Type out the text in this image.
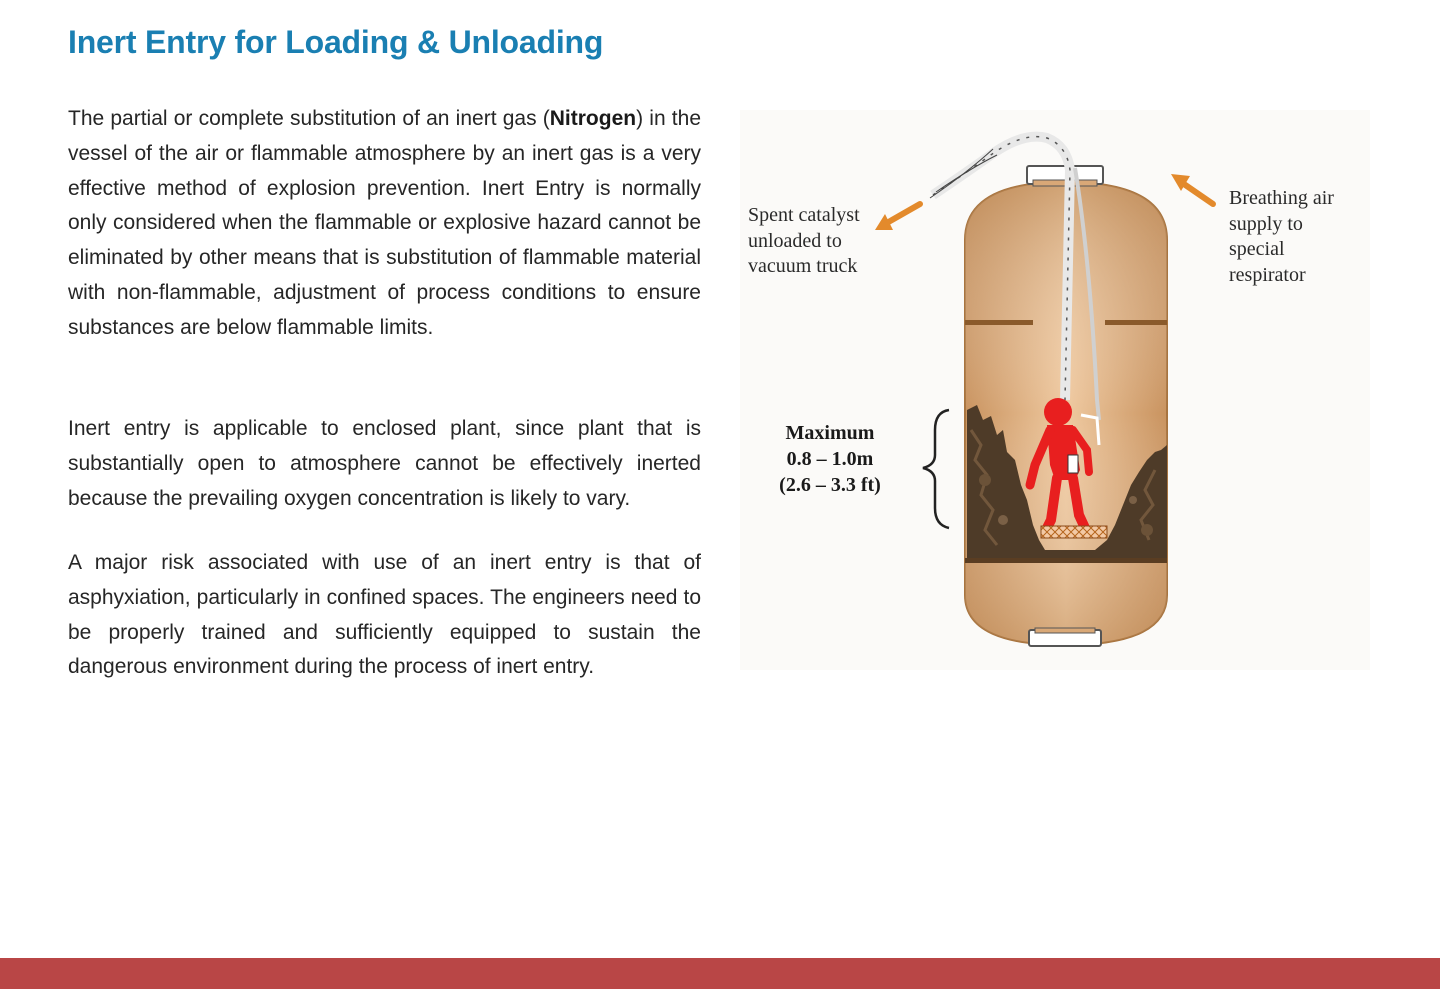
Inert Entry for Loading & Unloading

The partial or complete substitution of an inert gas (Nitrogen) in the vessel of the air or flammable atmosphere by an inert gas is a very effective method of explosion prevention. Inert Entry is normally only considered when the flammable or explosive hazard cannot be eliminated by other means that is substitution of flammable material with non-flammable, adjustment of process conditions to ensure substances are below flammable limits.

Inert entry is applicable to enclosed plant, since plant that is substantially open to atmosphere cannot be effectively inerted because the prevailing oxygen concentration is likely to vary.

A major risk associated with use of an inert entry is that of asphyxiation, particularly in confined spaces. The engineers need to be properly trained and sufficiently equipped to sustain the dangerous environment during the process of inert entry.

Spent catalyst
unloaded to
vacuum truck
Breathing air
supply to
special
respirator
Maximum
0.8 – 1.0m
(2.6 – 3.3 ft)
